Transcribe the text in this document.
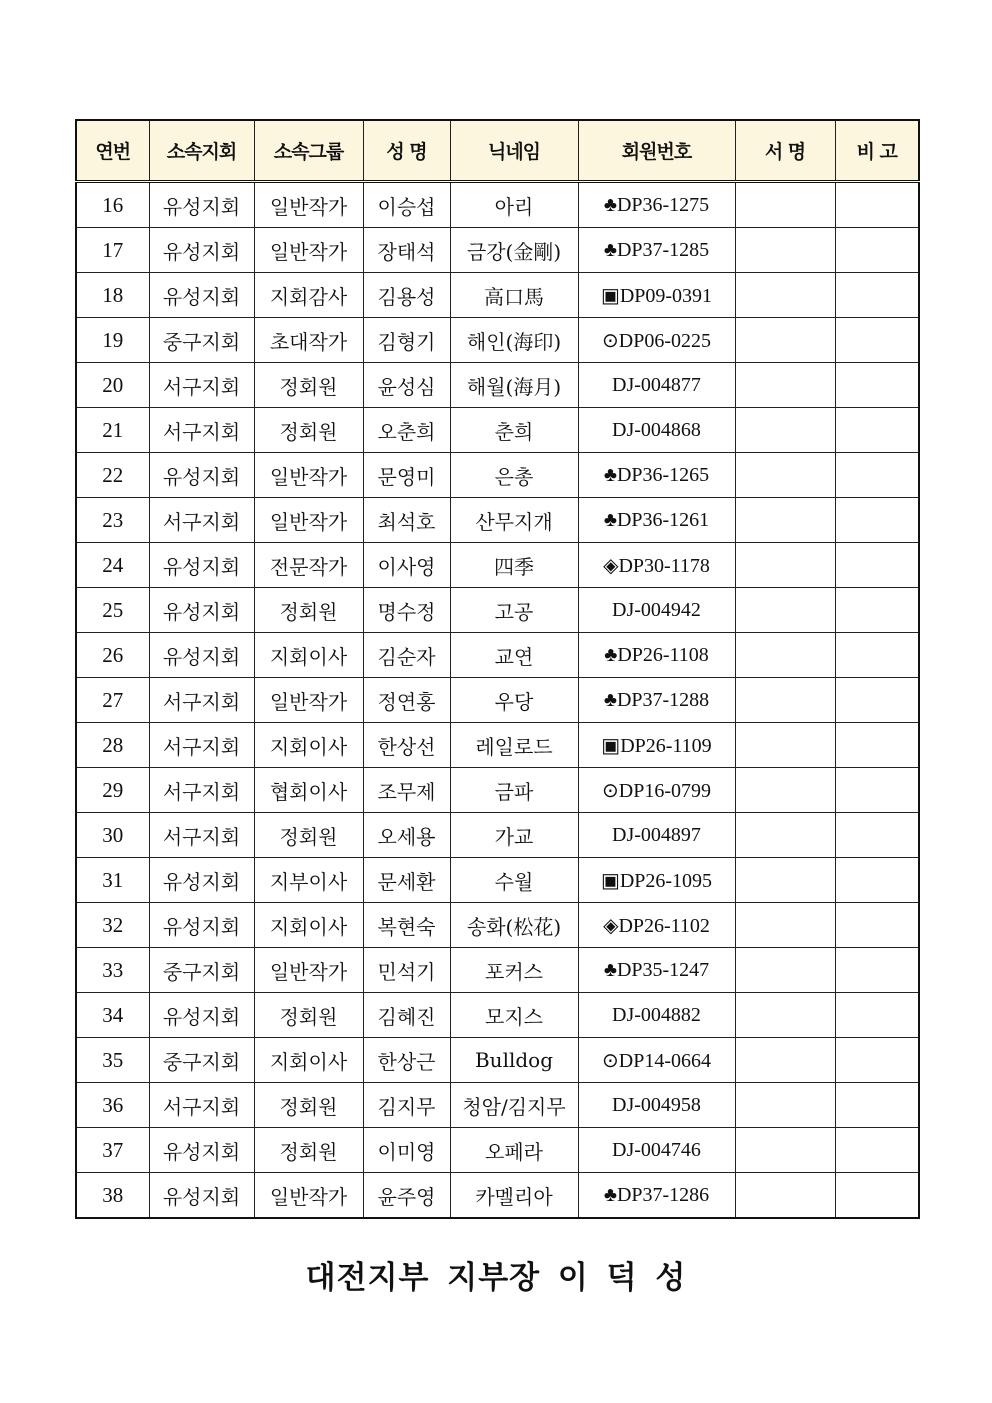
연번	소속지회	소속그룹	성 명	닉네임	회원번호	서 명	비 고
16	유성지회	일반작가	이승섭	아리	♣DP36-1275		
17	유성지회	일반작가	장태석	금강(金剛)	♣DP37-1285		
18	유성지회	지회감사	김용성	高口馬	▣DP09-0391		
19	중구지회	초대작가	김형기	해인(海印)	⊙DP06-0225		
20	서구지회	정회원	윤성심	해월(海月)	DJ-004877		
21	서구지회	정회원	오춘희	춘희	DJ-004868		
22	유성지회	일반작가	문영미	은총	♣DP36-1265		
23	서구지회	일반작가	최석호	산무지개	♣DP36-1261		
24	유성지회	전문작가	이사영	四季	◈DP30-1178		
25	유성지회	정회원	명수정	고공	DJ-004942		
26	유성지회	지회이사	김순자	교연	♣DP26-1108		
27	서구지회	일반작가	정연홍	우당	♣DP37-1288		
28	서구지회	지회이사	한상선	레일로드	▣DP26-1109		
29	서구지회	협회이사	조무제	금파	⊙DP16-0799		
30	서구지회	정회원	오세용	가교	DJ-004897		
31	유성지회	지부이사	문세환	수월	▣DP26-1095		
32	유성지회	지회이사	복현숙	송화(松花)	◈DP26-1102		
33	중구지회	일반작가	민석기	포커스	♣DP35-1247		
34	유성지회	정회원	김혜진	모지스	DJ-004882		
35	중구지회	지회이사	한상근	Bulldog	⊙DP14-0664		
36	서구지회	정회원	김지무	청암/김지무	DJ-004958		
37	유성지회	정회원	이미영	오페라	DJ-004746		
38	유성지회	일반작가	윤주영	카멜리아	♣DP37-1286		
대전지부 지부장 이 덕 성
